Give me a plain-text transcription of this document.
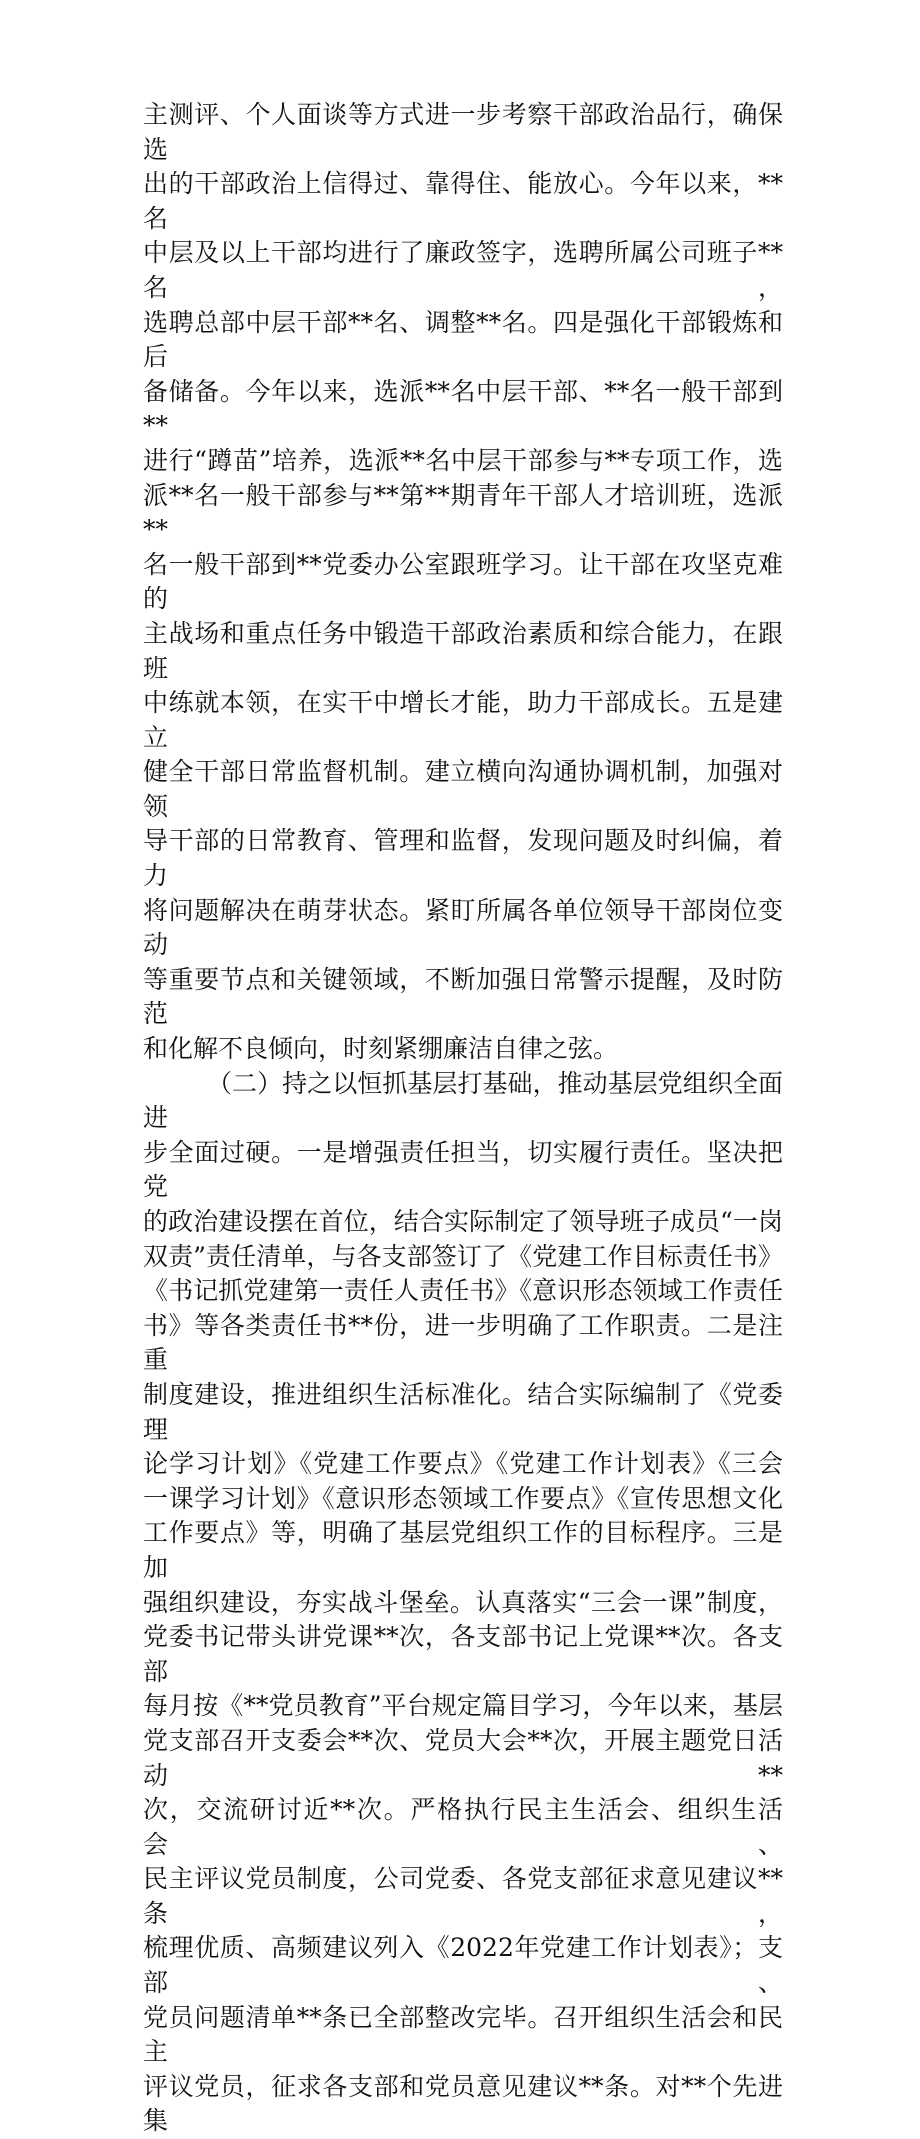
主测评、个人面谈等方式进一步考察干部政治品行，确保选

出的干部政治上信得过、靠得住、能放心。今年以来，**名

中层及以上干部均进行了廉政签字，选聘所属公司班子**名，

选聘总部中层干部**名、调整**名。四是强化干部锻炼和后

备储备。今年以来，选派**名中层干部、**名一般干部到**

进行“蹲苗”培养，选派**名中层干部参与**专项工作，选

派**名一般干部参与**第**期青年干部人才培训班，选派**

名一般干部到**党委办公室跟班学习。让干部在攻坚克难的

主战场和重点任务中锻造干部政治素质和综合能力，在跟班

中练就本领，在实干中增长才能，助力干部成长。五是建立

健全干部日常监督机制。建立横向沟通协调机制，加强对领

导干部的日常教育、管理和监督，发现问题及时纠偏，着力

将问题解决在萌芽状态。紧盯所属各单位领导干部岗位变动

等重要节点和关键领域，不断加强日常警示提醒，及时防范

和化解不良倾向，时刻紧绷廉洁自律之弦。

（二）持之以恒抓基层打基础，推动基层党组织全面进

步全面过硬。一是增强责任担当，切实履行责任。坚决把党

的政治建设摆在首位，结合实际制定了领导班子成员“一岗

双责”责任清单，与各支部签订了《党建工作目标责任书》

《书记抓党建第一责任人责任书》《意识形态领域工作责任

书》等各类责任书**份，进一步明确了工作职责。二是注重

制度建设，推进组织生活标准化。结合实际编制了《党委理

论学习计划》《党建工作要点》《党建工作计划表》《三会

一课学习计划》《意识形态领域工作要点》《宣传思想文化

工作要点》等，明确了基层党组织工作的目标程序。三是加

强组织建设，夯实战斗堡垒。认真落实“三会一课”制度，

党委书记带头讲党课**次，各支部书记上党课**次。各支部

每月按《**党员教育”平台规定篇目学习，今年以来，基层

党支部召开支委会**次、党员大会**次，开展主题党日活动**

次，交流研讨近**次。严格执行民主生活会、组织生活会、

民主评议党员制度，公司党委、各党支部征求意见建议**条，

梳理优质、高频建议列入《2022年党建工作计划表》；支部、

党员问题清单**条已全部整改完毕。召开组织生活会和民主

评议党员，征求各支部和党员意见建议**条。对**个先进集
